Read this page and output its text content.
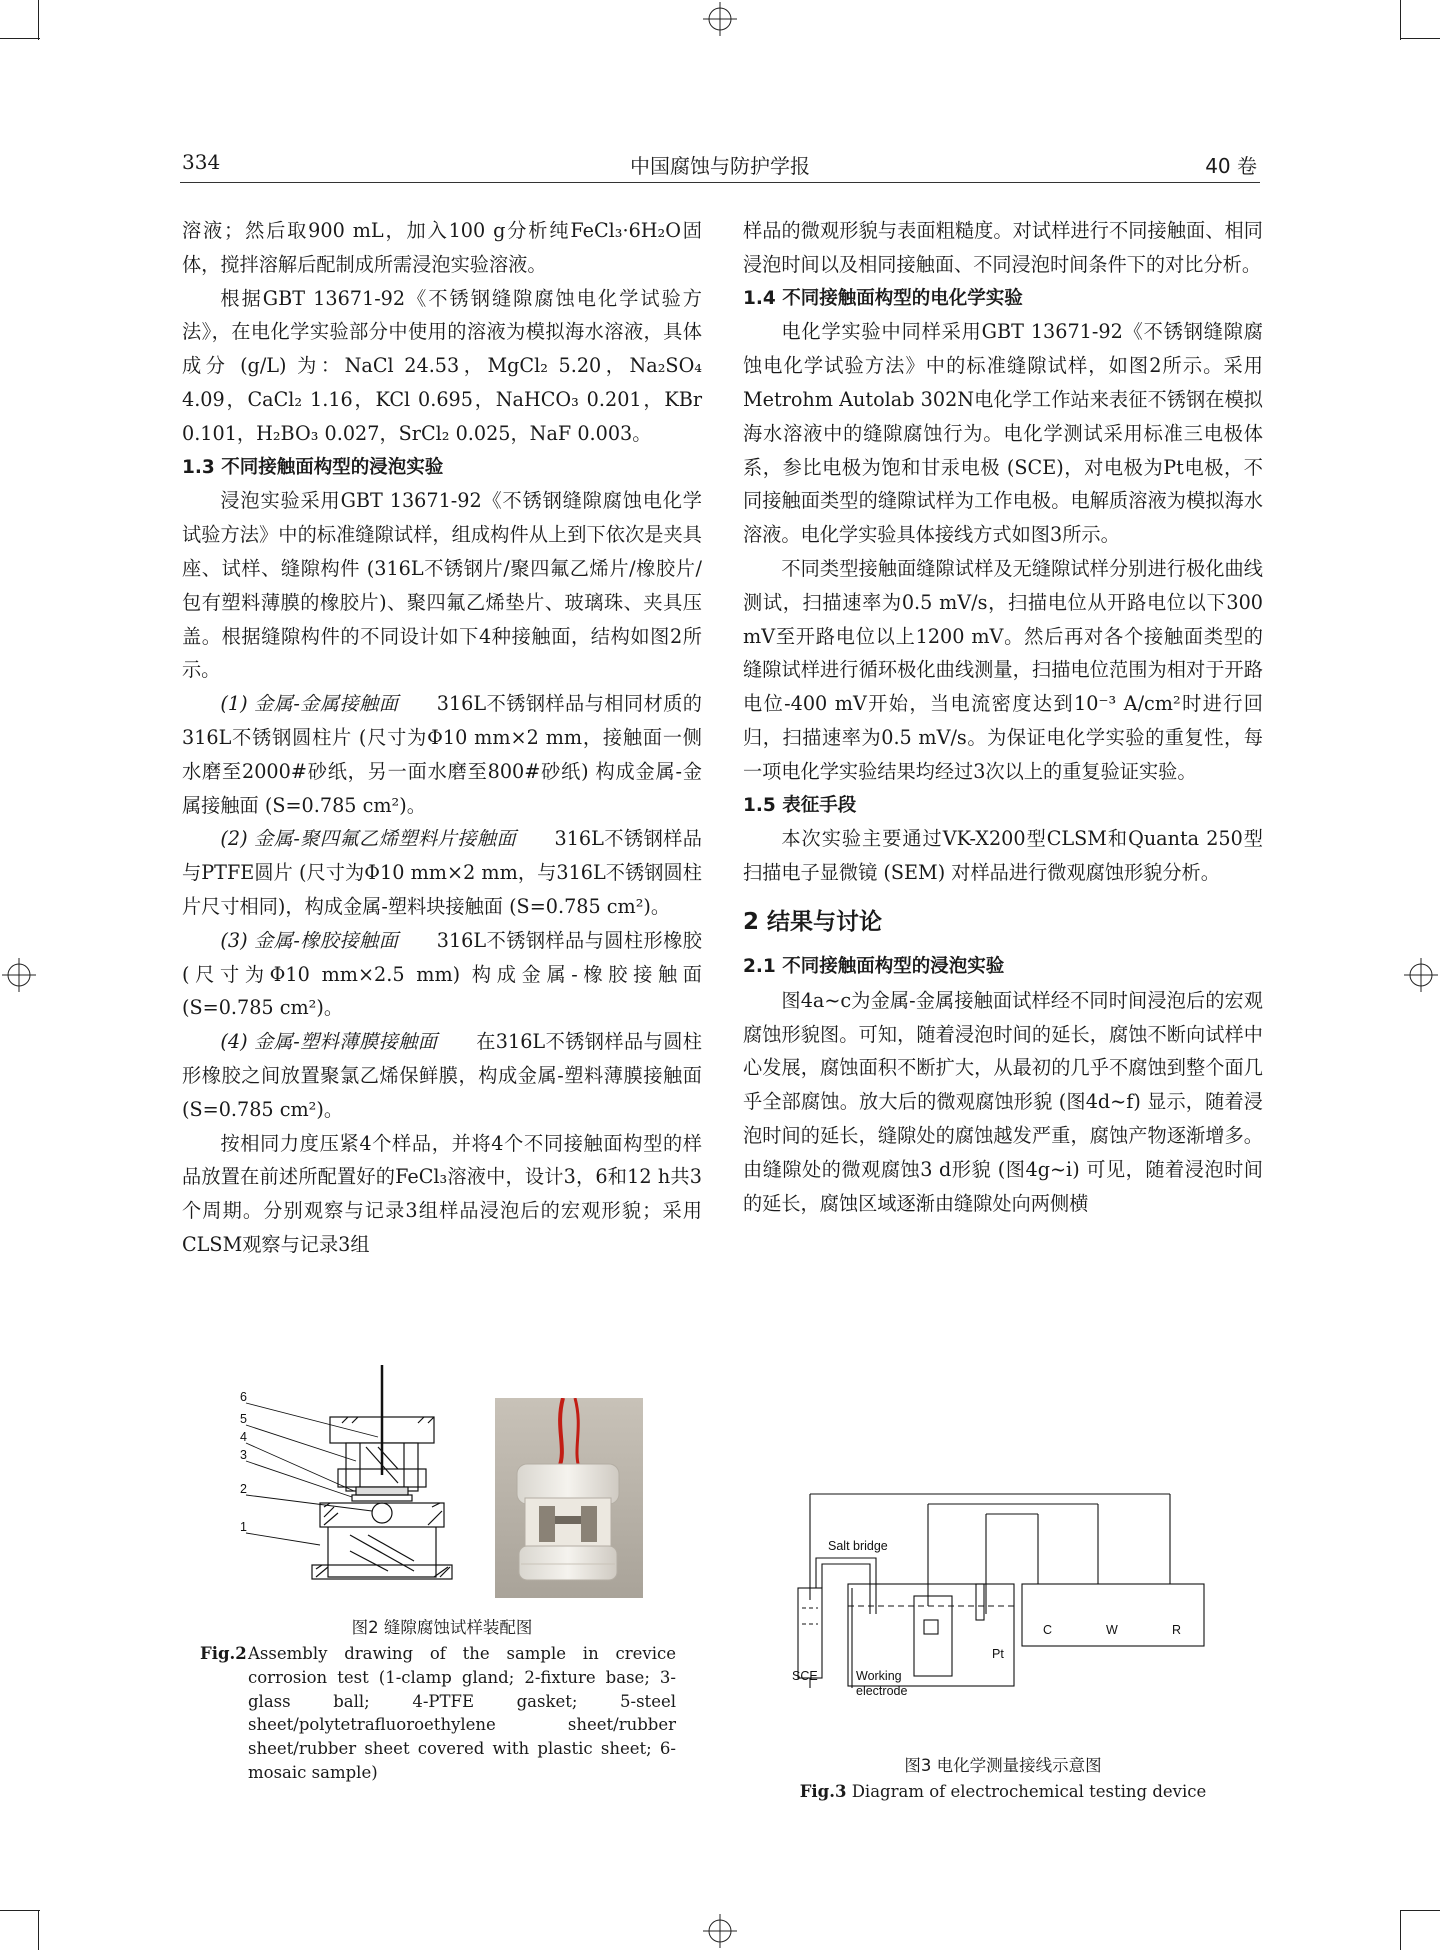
334	中国腐蚀与防护学报	40 卷

溶液；然后取900 mL，加入100 g分析纯FeCl₃·6H₂O固体，搅拌溶解后配制成所需浸泡实验溶液。

根据GBT 13671-92《不锈钢缝隙腐蚀电化学试验方法》，在电化学实验部分中使用的溶液为模拟海水溶液，具体成分 (g/L) 为：NaCl 24.53，MgCl₂ 5.20，Na₂SO₄ 4.09，CaCl₂ 1.16，KCl 0.695，NaHCO₃ 0.201，KBr 0.101，H₂BO₃ 0.027，SrCl₂ 0.025，NaF 0.003。

1.3 不同接触面构型的浸泡实验

浸泡实验采用GBT 13671-92《不锈钢缝隙腐蚀电化学试验方法》中的标准缝隙试样，组成构件从上到下依次是夹具座、试样、缝隙构件 (316L不锈钢片/聚四氟乙烯片/橡胶片/包有塑料薄膜的橡胶片)、聚四氟乙烯垫片、玻璃珠、夹具压盖。根据缝隙构件的不同设计如下4种接触面，结构如图2所示。

(1) 金属-金属接触面   316L不锈钢样品与相同材质的316L不锈钢圆柱片 (尺寸为Φ10 mm×2 mm，接触面一侧水磨至2000#砂纸，另一面水磨至800#砂纸) 构成金属-金属接触面 (S=0.785 cm²)。

(2) 金属-聚四氟乙烯塑料片接触面   316L不锈钢样品与PTFE圆片 (尺寸为Φ10 mm×2 mm，与316L不锈钢圆柱片尺寸相同)，构成金属-塑料块接触面 (S=0.785 cm²)。

(3) 金属-橡胶接触面   316L不锈钢样品与圆柱形橡胶 (尺寸为Φ10 mm×2.5 mm) 构成金属-橡胶接触面 (S=0.785 cm²)。

(4) 金属-塑料薄膜接触面   在316L不锈钢样品与圆柱形橡胶之间放置聚氯乙烯保鲜膜，构成金属-塑料薄膜接触面 (S=0.785 cm²)。

按相同力度压紧4个样品，并将4个不同接触面构型的样品放置在前述所配置好的FeCl₃溶液中，设计3，6和12 h共3个周期。分别观察与记录3组样品浸泡后的宏观形貌；采用CLSM观察与记录3组

6
5
4
3
2
1
图2 缝隙腐蚀试样装配图
Fig.2 Assembly drawing of the sample in crevice corrosion test (1-clamp gland; 2-fixture base; 3-glass ball; 4-PTFE gasket; 5-steel sheet/polytetrafluoroethylene sheet/rubber sheet/rubber sheet covered with plastic sheet; 6-mosaic sample)

样品的微观形貌与表面粗糙度。对试样进行不同接触面、相同浸泡时间以及相同接触面、不同浸泡时间条件下的对比分析。

1.4 不同接触面构型的电化学实验

电化学实验中同样采用GBT 13671-92《不锈钢缝隙腐蚀电化学试验方法》中的标准缝隙试样，如图2所示。采用Metrohm Autolab 302N电化学工作站来表征不锈钢在模拟海水溶液中的缝隙腐蚀行为。电化学测试采用标准三电极体系，参比电极为饱和甘汞电极 (SCE)，对电极为Pt电极，不同接触面类型的缝隙试样为工作电极。电解质溶液为模拟海水溶液。电化学实验具体接线方式如图3所示。

不同类型接触面缝隙试样及无缝隙试样分别进行极化曲线测试，扫描速率为0.5 mV/s，扫描电位从开路电位以下300 mV至开路电位以上1200 mV。然后再对各个接触面类型的缝隙试样进行循环极化曲线测量，扫描电位范围为相对于开路电位-400 mV开始，当电流密度达到10⁻³ A/cm²时进行回归，扫描速率为0.5 mV/s。为保证电化学实验的重复性，每一项电化学实验结果均经过3次以上的重复验证实验。

1.5 表征手段

本次实验主要通过VK-X200型CLSM和Quanta 250型扫描电子显微镜 (SEM) 对样品进行微观腐蚀形貌分析。

2 结果与讨论
2.1 不同接触面构型的浸泡实验

图4a~c为金属-金属接触面试样经不同时间浸泡后的宏观腐蚀形貌图。可知，随着浸泡时间的延长，腐蚀不断向试样中心发展，腐蚀面积不断扩大，从最初的几乎不腐蚀到整个面几乎全部腐蚀。放大后的微观腐蚀形貌 (图4d~f) 显示，随着浸泡时间的延长，缝隙处的腐蚀越发严重，腐蚀产物逐渐增多。由缝隙处的微观腐蚀3 d形貌 (图4g~i) 可见，随着浸泡时间的延长，腐蚀区域逐渐由缝隙处向两侧横

Salt bridge
C	W	R
Pt
SCE	Working
electrode
图3 电化学测量接线示意图
Fig.3 Diagram of electrochemical testing device
